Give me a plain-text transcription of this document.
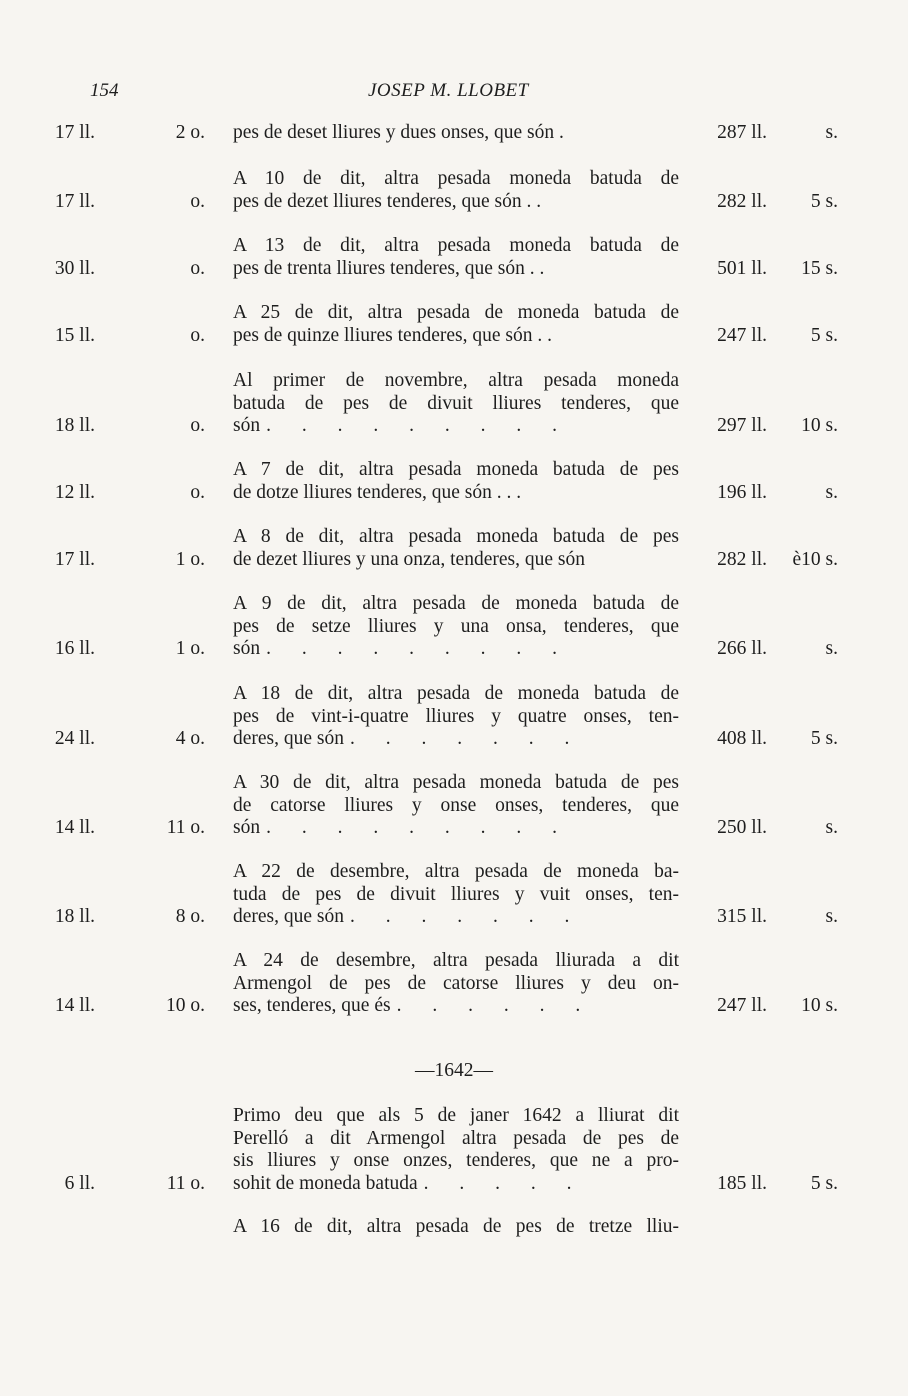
154	JOSEP M. LLOBET
—1642—
pes de deset lliures y dues onses, que són .
17 ll.	2 o.	287 ll.	s.
A 10 de dit, altra pesada moneda batuda de
pes de dezet lliures tenderes, que són . .
17 ll.	o.	282 ll. 5 s.
A 13 de dit, altra pesada moneda batuda de
pes de trenta lliures tenderes, que són . .
30 ll.	o.	501 ll. 15 s.
A 25 de dit, altra pesada de moneda batuda de
pes de quinze lliures tenderes, que són . .
15 ll.	o.	247 ll. 5 s.
Al primer de novembre, altra pesada moneda
batuda de pes de divuit lliures tenderes, que
són . . . . . . . . .
18 ll.	o.	297 ll. 10 s.
A 7 de dit, altra pesada moneda batuda de pes
de dotze lliures tenderes, que són . . .
12 ll.	o.	196 ll.	s.
A 8 de dit, altra pesada moneda batuda de pes
de dezet lliures y una onza, tenderes, que són
17 ll.	1 o.	282 ll. è10 s.
A 9 de dit, altra pesada de moneda batuda de
pes de setze lliures y una onsa, tenderes, que
són . . . . . . . . .
16 ll.	1 o.	266 ll.	s.
A 18 de dit, altra pesada de moneda batuda de
pes de vint-i-quatre lliures y quatre onses, ten-
deres, que són . . . . . . .
24 ll.	4 o.	408 ll. 5 s.
A 30 de dit, altra pesada moneda batuda de pes
de catorse lliures y onse onses, tenderes, que
són . . . . . . . . .
14 ll.	11 o.	250 ll.	s.
A 22 de desembre, altra pesada de moneda ba-
tuda de pes de divuit lliures y vuit onses, ten-
deres, que són . . . . . . .
18 ll.	8 o.	315 ll.	s.
A 24 de desembre, altra pesada lliurada a dit
Armengol de pes de catorse lliures y deu on-
ses, tenderes, que és . . . . . .
14 ll.	10 o.	247 ll. 10 s.
Primo deu que als 5 de janer 1642 a lliurat dit
Perelló a dit Armengol altra pesada de pes de
sis lliures y onse onzes, tenderes, que ne a pro-
sohit de moneda batuda . . . . .
6 ll.	11 o.	185 ll. 5 s.
A 16 de dit, altra pesada de pes de tretze lliu-
